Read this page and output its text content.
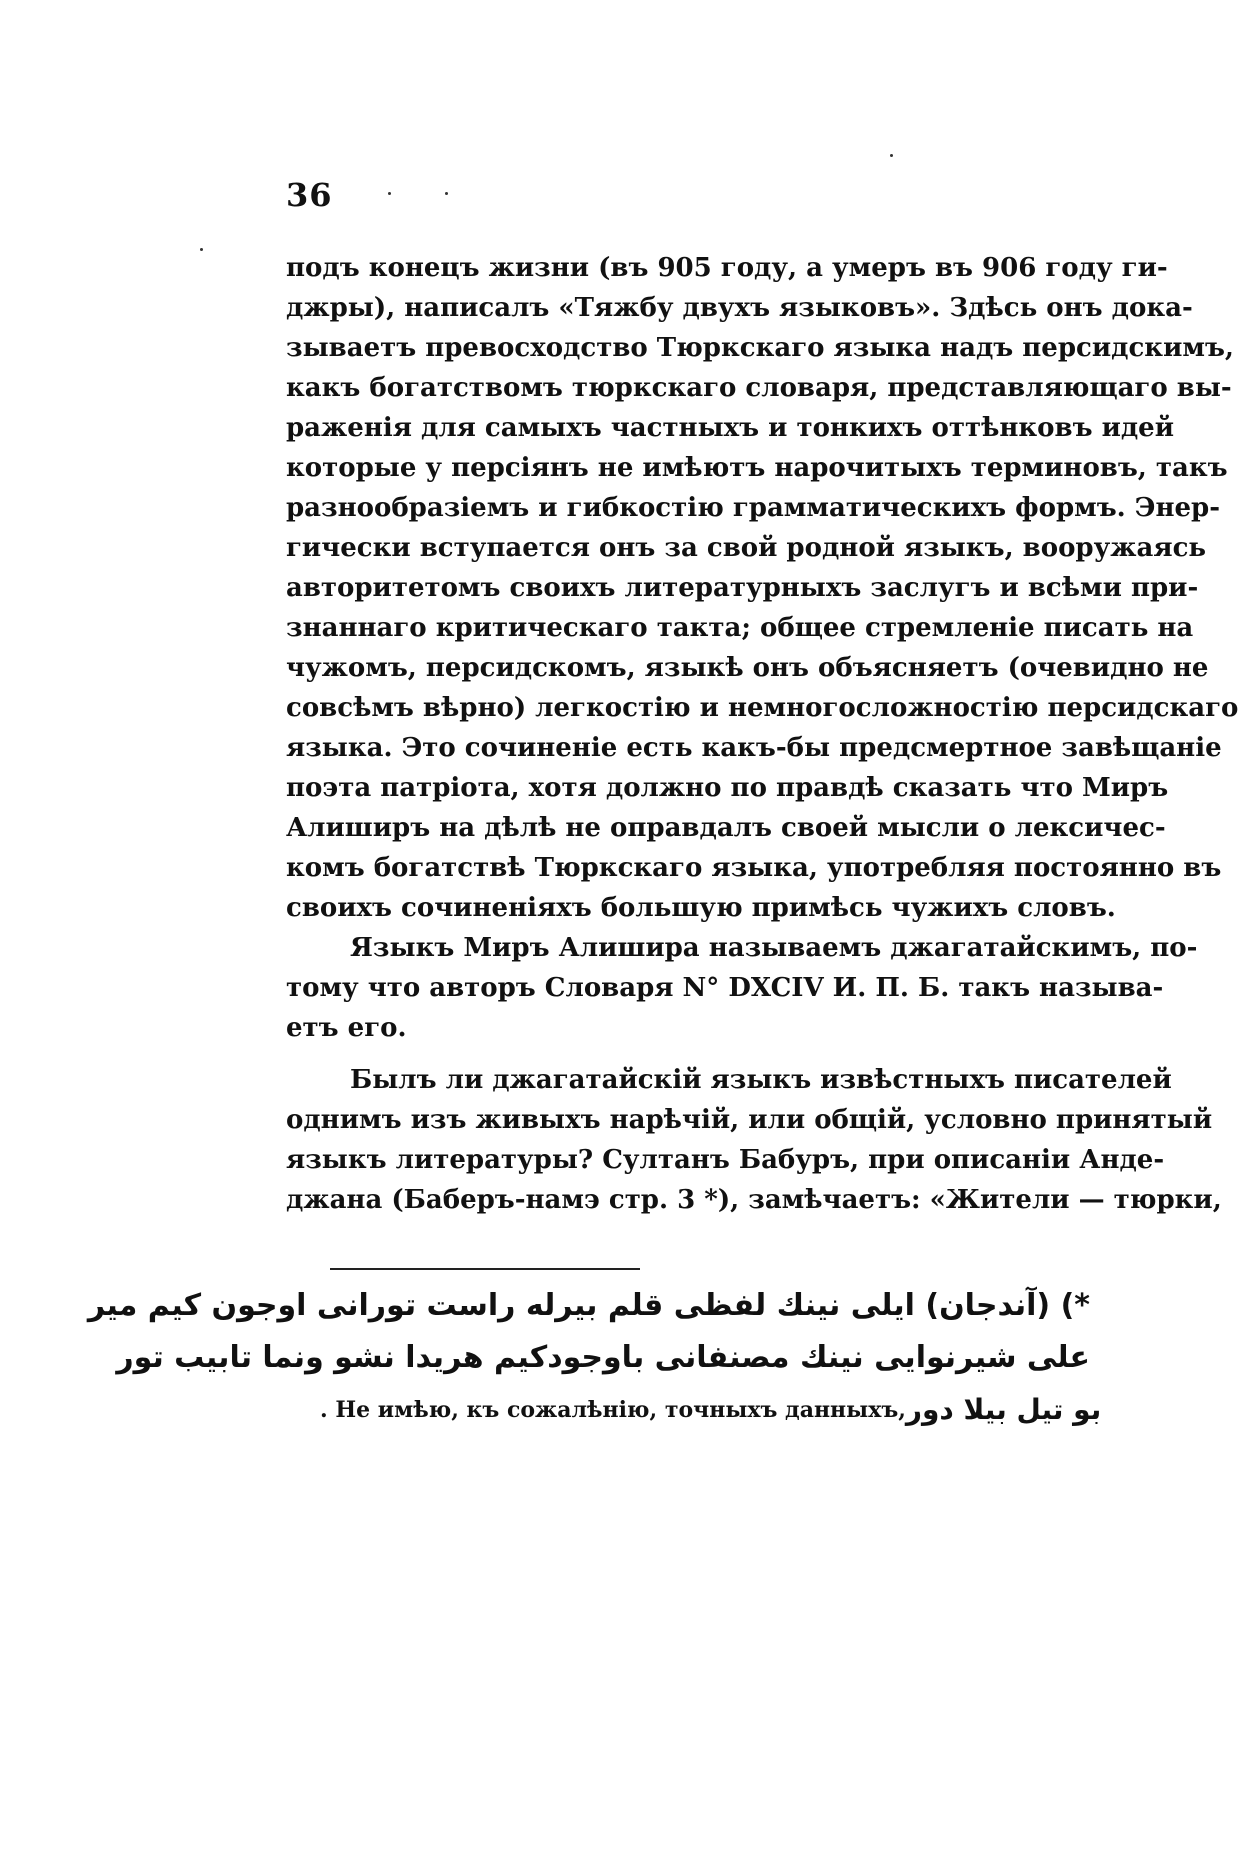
36
подъ конецъ жизни (въ 905 году, а умеръ въ 906 году ги-
джры), написалъ «Тяжбу двухъ языковъ». Здѣсь онъ дока-
зываетъ превосходство Тюркскаго языка надъ персидскимъ,
какъ богатствомъ тюркскаго словаря, представляющаго вы-
раженія для самыхъ частныхъ и тонкихъ оттѣнковъ идей
которые у персіянъ не имѣютъ нарочитыхъ терминовъ, такъ
разнообразіемъ и гибкостію грамматическихъ формъ. Энер-
гически вступается онъ за свой родной языкъ, вооружаясь
авторитетомъ своихъ литературныхъ заслугъ и всѣми при-
знаннаго критическаго такта; общее стремленіе писать на
чужомъ, персидскомъ, языкѣ онъ объясняетъ (очевидно не
совсѣмъ вѣрно) легкостію и немногосложностію персидскаго
языка. Это сочиненіе есть какъ-бы предсмертное завѣщаніе
поэта патріота, хотя должно по правдѣ сказать что Миръ
Алиширъ на дѣлѣ не оправдалъ своей мысли о лексичес-
комъ богатствѣ Тюркскаго языка, употребляя постоянно въ
своихъ сочиненіяхъ большую примѣсь чужихъ словъ.
Языкъ Миръ Алишира называемъ джагатайскимъ, по-
тому что авторъ Словаря N° DXCIV И. П. Б. такъ называ-
етъ его.
Былъ ли джагатайскій языкъ извѣстныхъ писателей
однимъ изъ живыхъ нарѣчій, или общій, условно принятый
языкъ литературы? Султанъ Бабуръ, при описаніи Андe-
джана (Баберъ-намэ стр. 3 *), замѣчаетъ: «Жители — тюрки,
*) (آندجان) ايلى نينك لفظى قلم بيرله راست تورانى اوجون كيم مير
على شيرنوايى نينك مصنفانى باوجودكيم هريدا نشو ونما تابيب تور
. Не имѣю, къ сожалѣнію, точныхъ данныхъ, بو تيل بيلا دور
